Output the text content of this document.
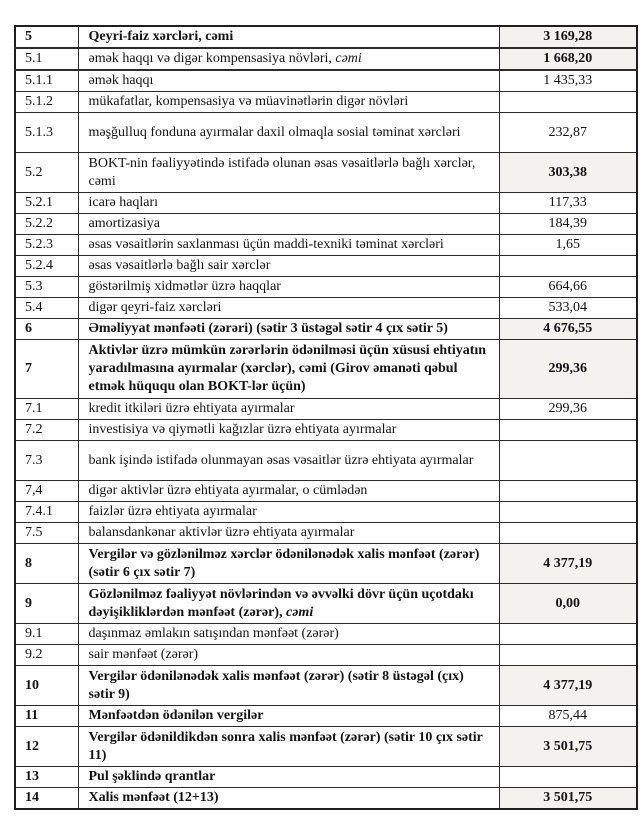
5	Qeyri-faiz xərcləri, cəmi	3 169,28
5.1	əmək haqqı və digər kompensasiya növləri, cəmi	1 668,20
5.1.1	əmək haqqı	1 435,33
5.1.2	mükafatlar, kompensasiya və müavinətlərin digər növləri	
5.1.3	məşğulluq fonduna ayırmalar daxil olmaqla sosial təminat xərcləri	232,87
5.2	BOKT-nin fəaliyyətində istifadə olunan əsas vəsaitlərlə bağlı xərclər, cəmi	303,38
5.2.1	icarə haqları	117,33
5.2.2	amortizasiya	184,39
5.2.3	əsas vəsaitlərin saxlanması üçün maddi-texniki təminat xərcləri	1,65
5.2.4	əsas vəsaitlərlə bağlı sair xərclər	
5.3	göstərilmiş xidmətlər üzrə haqqlar	664,66
5.4	digər qeyri-faiz xərcləri	533,04
6	Əməliyyat mənfəəti (zərəri) (sətir 3 üstəgəl sətir 4 çıx sətir 5)	4 676,55
7	Aktivlər üzrə mümkün zərərlərin ödənilməsi üçün xüsusi ehtiyatın yaradılmasına ayırmalar (xərclər), cəmi (Girov əmanəti qəbul etmək hüququ olan BOKT-lər üçün)	299,36
7.1	kredit itkiləri üzrə ehtiyata ayırmalar	299,36
7.2	investisiya və qiymətli kağızlar üzrə ehtiyata ayırmalar	
7.3	bank işində istifadə olunmayan əsas vəsaitlər üzrə ehtiyata ayırmalar	
7,4	digər aktivlər üzrə ehtiyata ayırmalar, o cümlədən	
7.4.1	faizlər üzrə ehtiyata ayırmalar	
7.5	balansdankənar aktivlər üzrə ehtiyata ayırmalar	
8	Vergilər və gözlənilməz xərclər ödənilənədək xalis mənfəət (zərər) (sətir 6 çıx sətir 7)	4 377,19
9	Gözlənilməz fəaliyyət növlərindən və əvvəlki dövr üçün uçotdakı dəyişikliklərdən mənfəət (zərər), cəmi	0,00
9.1	daşınmaz əmlakın satışından mənfəət (zərər)	
9.2	sair mənfəət (zərər)	
10	Vergilər ödənilənədək xalis mənfəət (zərər) (sətir 8 üstəgəl (çıx) sətir 9)	4 377,19
11	Mənfəətdən ödənilən vergilər	875,44
12	Vergilər ödənildikdən sonra xalis mənfəət (zərər) (sətir 10 çıx sətir 11)	3 501,75
13	Pul şəklində qrantlar	
14	Xalis mənfəət (12+13)	3 501,75
